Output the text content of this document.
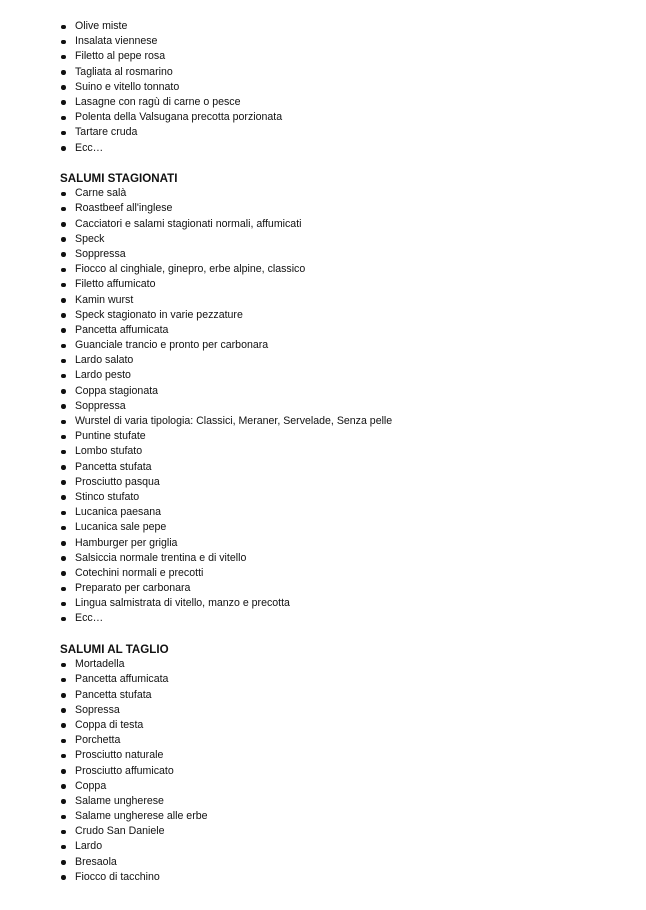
Olive miste
Insalata viennese
Filetto al pepe rosa
Tagliata al rosmarino
Suino e vitello tonnato
Lasagne con ragù di carne o pesce
Polenta della Valsugana precotta porzionata
Tartare cruda
Ecc…
SALUMI STAGIONATI
Carne salà
Roastbeef all'inglese
Cacciatori e salami stagionati normali, affumicati
Speck
Soppressa
Fiocco al cinghiale, ginepro, erbe alpine, classico
Filetto affumicato
Kamin wurst
Speck stagionato in varie pezzature
Pancetta affumicata
Guanciale trancio e pronto per carbonara
Lardo salato
Lardo pesto
Coppa stagionata
Soppressa
Wurstel di varia tipologia: Classici, Meraner, Servelade, Senza pelle
Puntine stufate
Lombo stufato
Pancetta stufata
Prosciutto pasqua
Stinco stufato
Lucanica paesana
Lucanica sale pepe
Hamburger per griglia
Salsiccia normale trentina e di vitello
Cotechini normali e precotti
Preparato per carbonara
Lingua salmistrata di vitello, manzo e precotta
Ecc…
SALUMI AL TAGLIO
Mortadella
Pancetta affumicata
Pancetta stufata
Sopressa
Coppa di testa
Porchetta
Prosciutto naturale
Prosciutto affumicato
Coppa
Salame ungherese
Salame ungherese alle erbe
Crudo San Daniele
Lardo
Bresaola
Fiocco di tacchino
